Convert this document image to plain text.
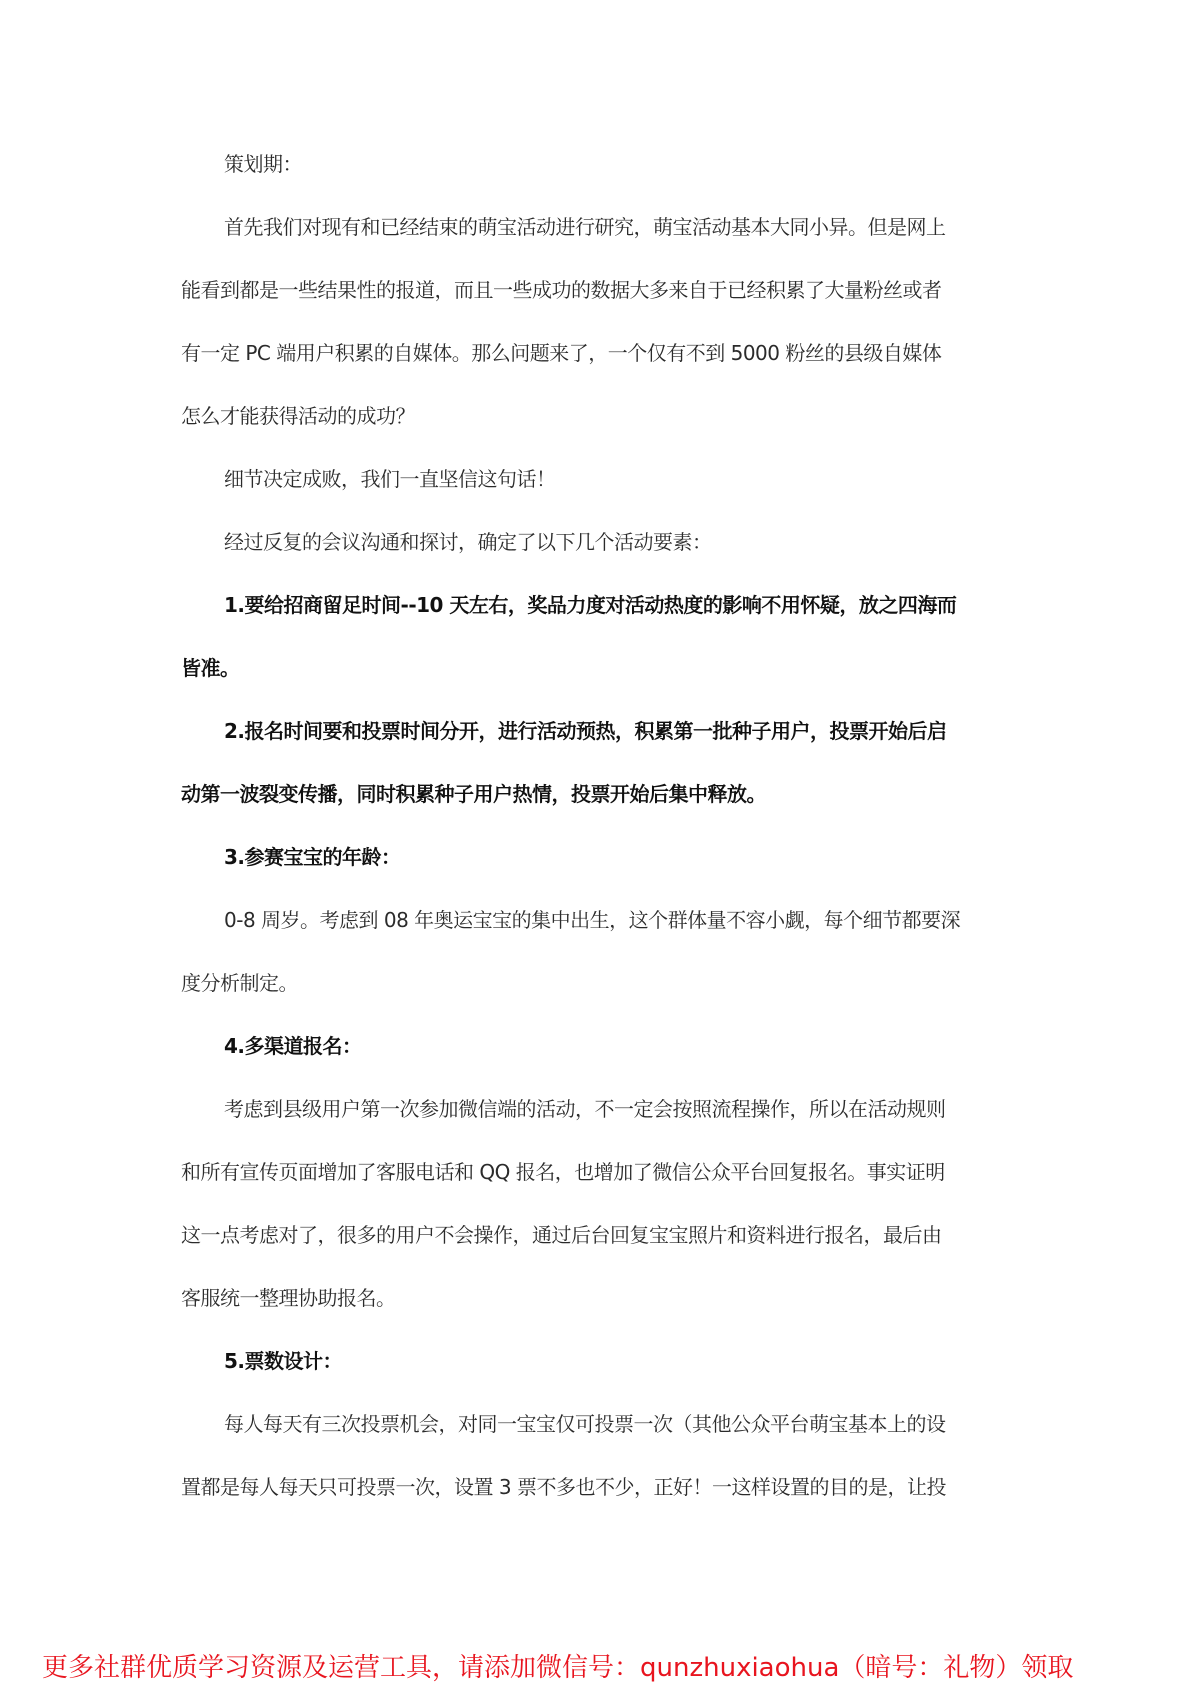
策划期：
首先我们对现有和已经结束的萌宝活动进行研究，萌宝活动基本大同小异。但是网上
能看到都是一些结果性的报道，而且一些成功的数据大多来自于已经积累了大量粉丝或者
有一定 PC 端用户积累的自媒体。那么问题来了，一个仅有不到 5000 粉丝的县级自媒体
怎么才能获得活动的成功？
细节决定成败，我们一直坚信这句话！
经过反复的会议沟通和探讨，确定了以下几个活动要素：
1.要给招商留足时间--10 天左右，奖品力度对活动热度的影响不用怀疑，放之四海而
皆准。
2.报名时间要和投票时间分开，进行活动预热，积累第一批种子用户，投票开始后启
动第一波裂变传播，同时积累种子用户热情，投票开始后集中释放。
3.参赛宝宝的年龄：
0-8 周岁。考虑到 08 年奥运宝宝的集中出生，这个群体量不容小觑，每个细节都要深
度分析制定。
4.多渠道报名：
考虑到县级用户第一次参加微信端的活动，不一定会按照流程操作，所以在活动规则
和所有宣传页面增加了客服电话和 QQ 报名，也增加了微信公众平台回复报名。事实证明
这一点考虑对了，很多的用户不会操作，通过后台回复宝宝照片和资料进行报名，最后由
客服统一整理协助报名。
5.票数设计：
每人每天有三次投票机会，对同一宝宝仅可投票一次（其他公众平台萌宝基本上的设
置都是每人每天只可投票一次，设置 3 票不多也不少，正好！一这样设置的目的是，让投
更多社群优质学习资源及运营工具，请添加微信号：qunzhuxiaohua（暗号：礼物）领取
